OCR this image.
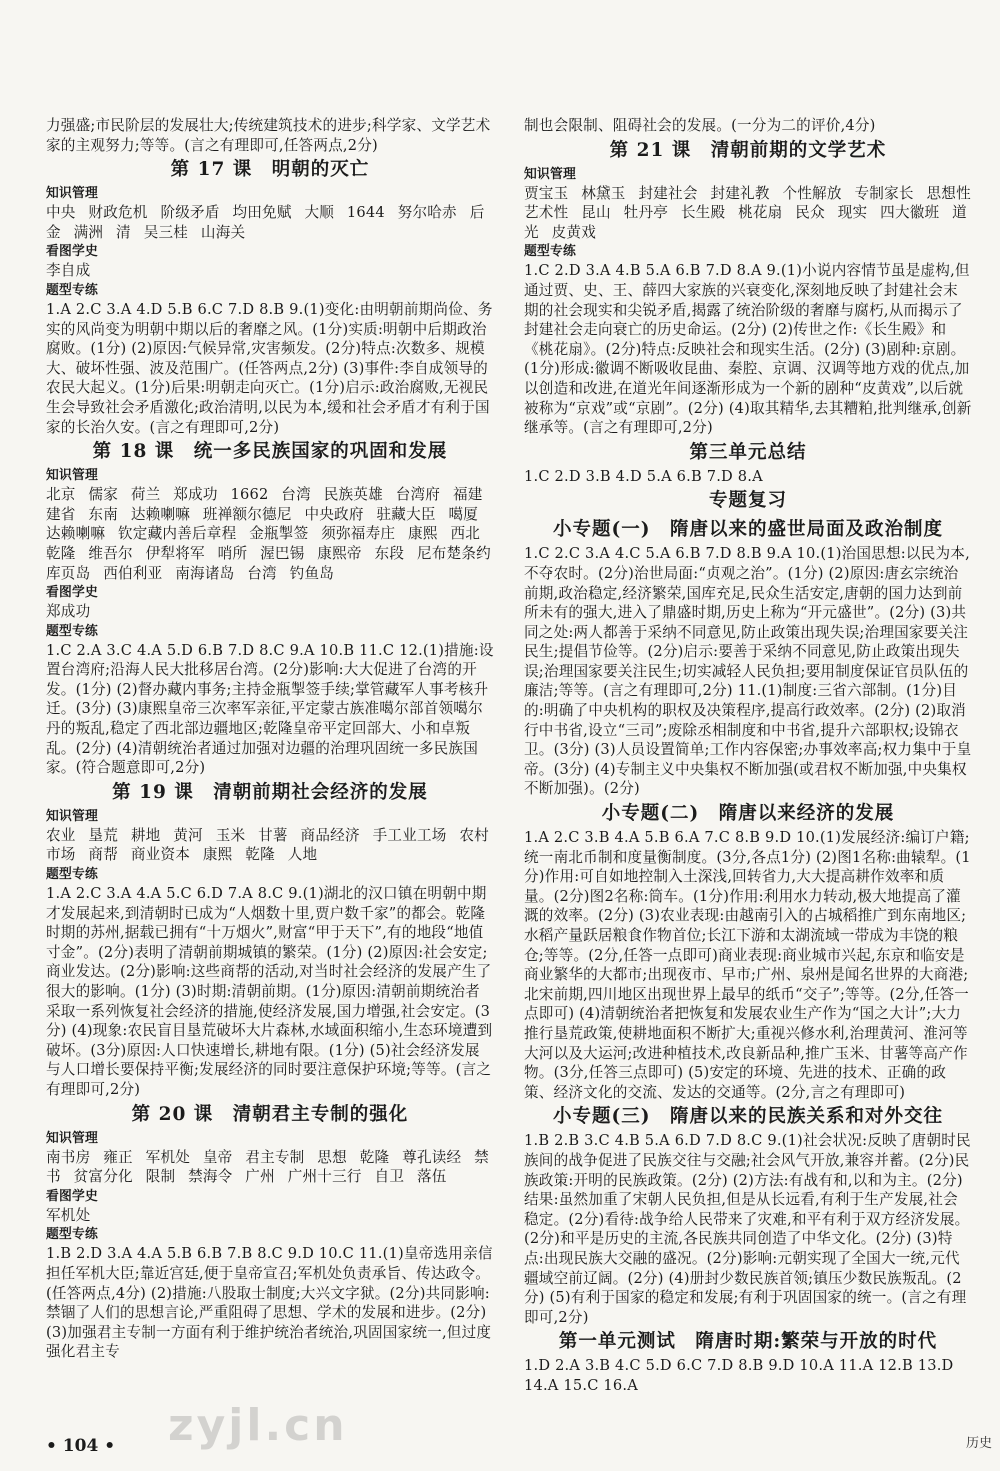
力强盛;市民阶层的发展壮大;传统建筑技术的进步;科学家、文学艺术家的主观努力;等等。(言之有理即可,任答两点,2分)
第 17 课　明朝的灭亡
知识管理
中央 财政危机 阶级矛盾 均田免赋 大顺 1644 努尔哈赤 后金 满洲 清 吴三桂 山海关
看图学史
李自成
题型专练
1.A 2.C 3.A 4.D 5.B 6.C 7.D 8.B 9.(1)变化:由明朝前期尚俭、务实的风尚变为明朝中期以后的奢靡之风。(1分)实质:明朝中后期政治腐败。(1分) (2)原因:气候异常,灾害频发。(2分)特点:次数多、规模大、破坏性强、波及范围广。(任答两点,2分) (3)事件:李自成领导的农民大起义。(1分)后果:明朝走向灭亡。(1分)启示:政治腐败,无视民生会导致社会矛盾激化;政治清明,以民为本,缓和社会矛盾才有利于国家的长治久安。(言之有理即可,2分)
第 18 课　统一多民族国家的巩固和发展
知识管理
北京 儒家 荷兰 郑成功 1662 台湾 民族英雄 台湾府 福建 建省 东南 达赖喇嘛 班禅额尔德尼 中央政府 驻藏大臣 噶厦 达赖喇嘛 钦定藏内善后章程 金瓶掣签 须弥福寿庄 康熙 西北 乾隆 维吾尔 伊犁将军 哨所 渥巴锡 康熙帝 东段 尼布楚条约 库页岛 西伯利亚 南海诸岛 台湾 钓鱼岛
看图学史
郑成功
题型专练
1.C 2.A 3.C 4.A 5.D 6.B 7.D 8.C 9.A 10.B 11.C 12.(1)措施:设置台湾府;沿海人民大批移居台湾。(2分)影响:大大促进了台湾的开发。(1分) (2)督办藏内事务;主持金瓶掣签手续;掌管藏军人事考核升迁。(3分) (3)康熙皇帝三次率军亲征,平定蒙古族准噶尔部首领噶尔丹的叛乱,稳定了西北部边疆地区;乾隆皇帝平定回部大、小和卓叛乱。(2分) (4)清朝统治者通过加强对边疆的治理巩固统一多民族国家。(符合题意即可,2分)
第 19 课　清朝前期社会经济的发展
知识管理
农业 垦荒 耕地 黄河 玉米 甘薯 商品经济 手工业工场 农村 市场 商帮 商业资本 康熙 乾隆 人地
题型专练
1.A 2.C 3.A 4.A 5.C 6.D 7.A 8.C 9.(1)湖北的汉口镇在明朝中期才发展起来,到清朝时已成为“人烟数十里,贾户数千家”的都会。乾隆时期的苏州,据载已拥有“十万烟火”,财富“甲于天下”,有的地段“地值寸金”。(2分)表明了清朝前期城镇的繁荣。(1分) (2)原因:社会安定;商业发达。(2分)影响:这些商帮的活动,对当时社会经济的发展产生了很大的影响。(1分) (3)时期:清朝前期。(1分)原因:清朝前期统治者采取一系列恢复社会经济的措施,使经济发展,国力增强,社会安定。(3分) (4)现象:农民盲目垦荒破坏大片森林,水域面积缩小,生态环境遭到破坏。(3分)原因:人口快速增长,耕地有限。(1分) (5)社会经济发展与人口增长要保持平衡;发展经济的同时要注意保护环境;等等。(言之有理即可,2分)
第 20 课　清朝君主专制的强化
知识管理
南书房 雍正 军机处 皇帝 君主专制 思想 乾隆 尊孔读经 禁书 贫富分化 限制 禁海令 广州 广州十三行 自卫 落伍
看图学史
军机处
题型专练
1.B 2.D 3.A 4.A 5.B 6.B 7.B 8.C 9.D 10.C 11.(1)皇帝选用亲信担任军机大臣;靠近宫廷,便于皇帝宣召;军机处负责承旨、传达政令。(任答两点,4分) (2)措施:八股取士制度;大兴文字狱。(2分)共同影响:禁锢了人们的思想言论,严重阻碍了思想、学术的发展和进步。(2分) (3)加强君主专制一方面有利于维护统治者统治,巩固国家统一,但过度强化君主专
制也会限制、阻碍社会的发展。(一分为二的评价,4分)
第 21 课　清朝前期的文学艺术
知识管理
贾宝玉 林黛玉 封建社会 封建礼教 个性解放 专制家长 思想性 艺术性 昆山 牡丹亭 长生殿 桃花扇 民众 现实 四大徽班 道光 皮黄戏
题型专练
1.C 2.D 3.A 4.B 5.A 6.B 7.D 8.A 9.(1)小说内容情节虽是虚构,但通过贾、史、王、薛四大家族的兴衰变化,深刻地反映了封建社会末期的社会现实和尖锐矛盾,揭露了统治阶级的奢靡与腐朽,从而揭示了封建社会走向衰亡的历史命运。(2分) (2)传世之作:《长生殿》和《桃花扇》。(2分)特点:反映社会和现实生活。(2分) (3)剧种:京剧。(1分)形成:徽调不断吸收昆曲、秦腔、京调、汉调等地方戏的优点,加以创造和改进,在道光年间逐渐形成为一个新的剧种“皮黄戏”,以后就被称为“京戏”或“京剧”。(2分) (4)取其精华,去其糟粕,批判继承,创新继承等。(言之有理即可,2分)
第三单元总结
1.C 2.D 3.B 4.D 5.A 6.B 7.D 8.A
专题复习
小专题(一)　隋唐以来的盛世局面及政治制度
1.C 2.C 3.A 4.C 5.A 6.B 7.D 8.B 9.A 10.(1)治国思想:以民为本,不夺农时。(2分)治世局面:“贞观之治”。(1分) (2)原因:唐玄宗统治前期,政治稳定,经济繁荣,国库充足,民众生活安定,唐朝的国力达到前所未有的强大,进入了鼎盛时期,历史上称为“开元盛世”。(2分) (3)共同之处:两人都善于采纳不同意见,防止政策出现失误;治理国家要关注民生;提倡节俭等。(2分)启示:要善于采纳不同意见,防止政策出现失误;治理国家要关注民生;切实减轻人民负担;要用制度保证官员队伍的廉洁;等等。(言之有理即可,2分) 11.(1)制度:三省六部制。(1分)目的:明确了中央机构的职权及决策程序,提高行政效率。(2分) (2)取消行中书省,设立“三司”;废除丞相制度和中书省,提升六部职权;设锦衣卫。(3分) (3)人员设置简单;工作内容保密;办事效率高;权力集中于皇帝。(3分) (4)专制主义中央集权不断加强(或君权不断加强,中央集权不断加强)。(2分)
小专题(二)　隋唐以来经济的发展
1.A 2.C 3.B 4.A 5.B 6.A 7.C 8.B 9.D 10.(1)发展经济:编订户籍;统一南北币制和度量衡制度。(3分,各点1分) (2)图1名称:曲辕犁。(1分)作用:可自如地控制入土深浅,回转省力,大大提高耕作效率和质量。(2分)图2名称:筒车。(1分)作用:利用水力转动,极大地提高了灌溉的效率。(2分) (3)农业表现:由越南引入的占城稻推广到东南地区;水稻产量跃居粮食作物首位;长江下游和太湖流域一带成为丰饶的粮仓;等等。(2分,任答一点即可)商业表现:商业城市兴起,东京和临安是商业繁华的大都市;出现夜市、早市;广州、泉州是闻名世界的大商港;北宋前期,四川地区出现世界上最早的纸币“交子”;等等。(2分,任答一点即可) (4)清朝统治者把恢复和发展农业生产作为“国之大计”;大力推行垦荒政策,使耕地面积不断扩大;重视兴修水利,治理黄河、淮河等大河以及大运河;改进种植技术,改良新品种,推广玉米、甘薯等高产作物。(3分,任答三点即可) (5)安定的环境、先进的技术、正确的政策、经济文化的交流、发达的交通等。(2分,言之有理即可)
小专题(三)　隋唐以来的民族关系和对外交往
1.B 2.B 3.C 4.B 5.A 6.D 7.D 8.C 9.(1)社会状况:反映了唐朝时民族间的战争促进了民族交往与交融;社会风气开放,兼容并蓄。(2分)民族政策:开明的民族政策。(2分) (2)方法:有战有和,以和为主。(2分)结果:虽然加重了宋朝人民负担,但是从长远看,有利于生产发展,社会稳定。(2分)看待:战争给人民带来了灾难,和平有利于双方经济发展。(2分)和平是历史的主流,各民族共同创造了中华文化。(2分) (3)特点:出现民族大交融的盛况。(2分)影响:元朝实现了全国大一统,元代疆域空前辽阔。(2分) (4)册封少数民族首领;镇压少数民族叛乱。(2分) (5)有利于国家的稳定和发展;有利于巩固国家的统一。(言之有理即可,2分)
第一单元测试　隋唐时期:繁荣与开放的时代
1.D 2.A 3.B 4.C 5.D 6.C 7.D 8.B 9.D 10.A 11.A 12.B 13.D 14.A 15.C 16.A
• 104 •	历史
zyjl.cn
